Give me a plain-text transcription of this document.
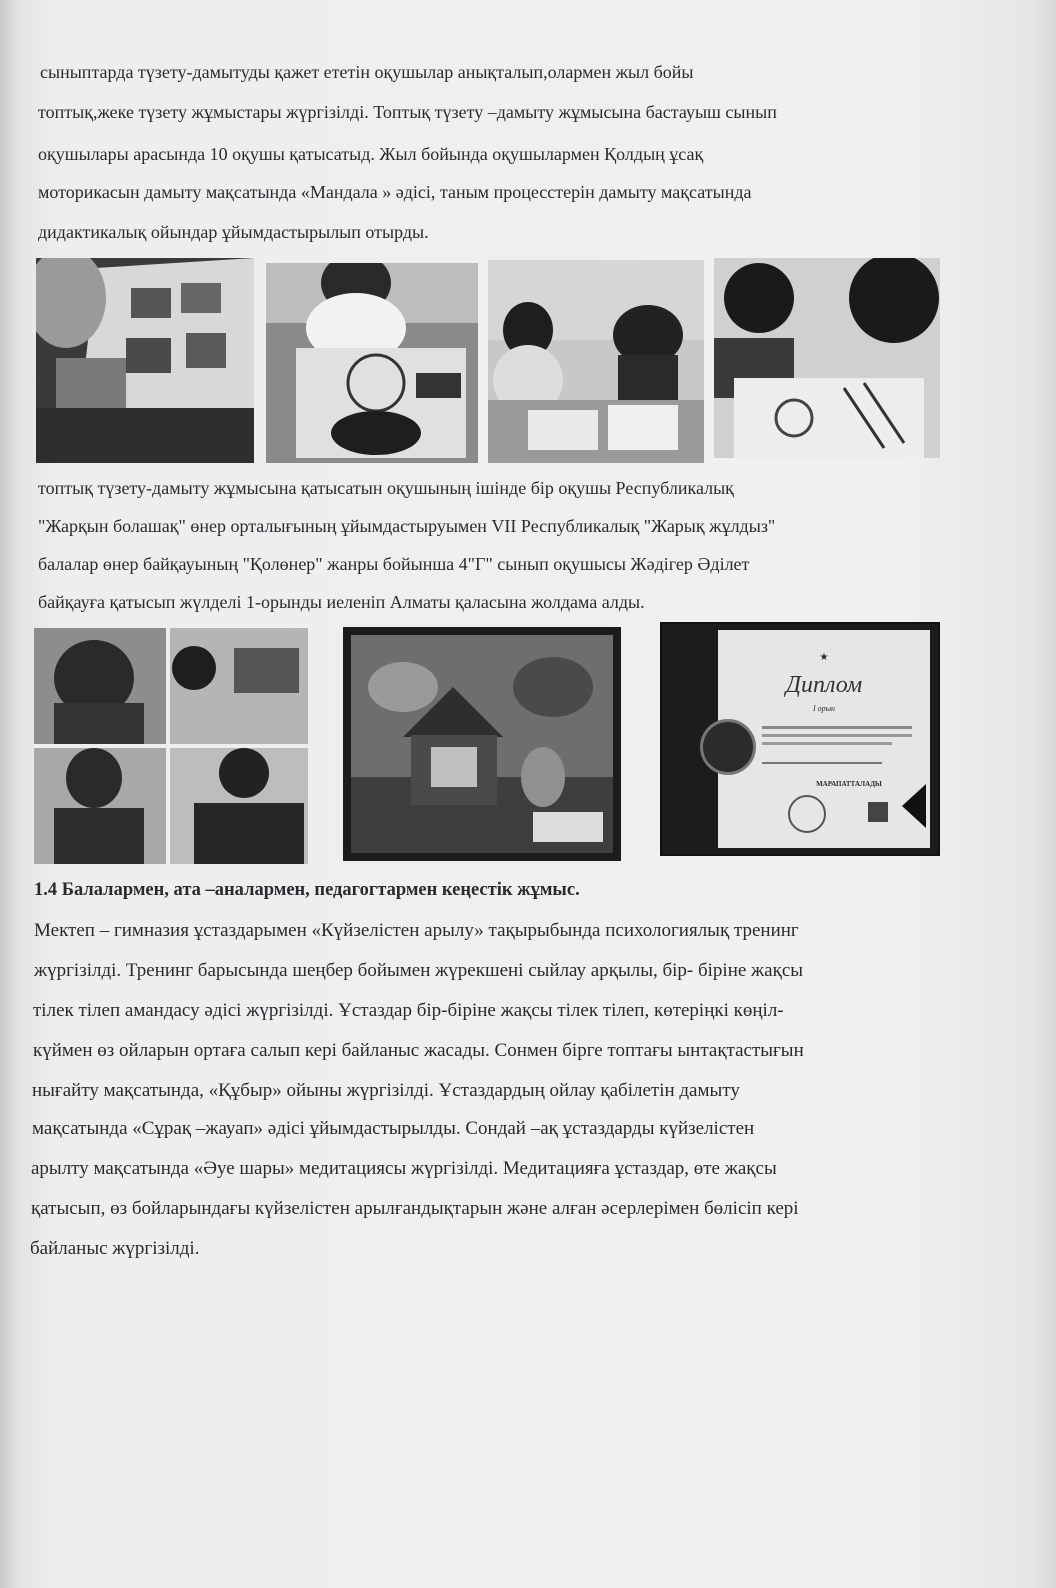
сыныптарда түзету-дамытуды қажет ететін оқушылар анықталып,олармен жыл бойы
топтық,жеке түзету жұмыстары жүргізілді. Топтық түзету –дамыту жұмысына бастауыш сынып
оқушылары арасында 10 оқушы қатысатыд. Жыл бойында оқушылармен Қолдың ұсақ
моторикасын дамыту мақсатында «Мандала » әдісі, таным процесстерін дамыту мақсатында
дидактикалық ойындар ұйымдастырылып отырды.
топтық түзету-дамыту жұмысына қатысатын оқушының ішінде бір оқушы Республикалық
"Жарқын болашақ" өнер орталығының ұйымдастыруымен VII Республикалық "Жарық жұлдыз"
балалар өнер байқауының "Қолөнер" жанры бойынша 4"Г" сынып оқушысы Жәдігер Әділет
байқауға қатысып жүлделі 1-орынды иеленіп Алматы қаласына жолдама алды.
★
Диплом
I орын
МАРАПАТТАЛАДЫ
1.4 Балалармен, ата –аналармен, педагогтармен кеңестік жұмыс.
Мектеп – гимназия ұстаздарымен «Күйзелістен арылу» тақырыбында психологиялық тренинг
жүргізілді. Тренинг барысында шеңбер бойымен жүрекшені сыйлау арқылы, бір- біріне жақсы
тілек тілеп амандасу әдісі жүргізілді. Ұстаздар бір-біріне жақсы тілек тілеп, көтеріңкі көңіл-
күймен өз ойларын ортаға салып кері байланыс жасады. Сонмен бірге топтағы ынтақтастығын
нығайту мақсатында, «Құбыр» ойыны жүргізілді. Ұстаздардың ойлау қабілетін дамыту
мақсатында «Сұрақ –жауап» әдісі ұйымдастырылды. Сондай –ақ ұстаздарды күйзелістен
арылту мақсатында «Әуе шары» медитациясы жүргізілді. Медитацияға ұстаздар, өте жақсы
қатысып, өз бойларындағы күйзелістен арылғандықтарын және алған әсерлерімен бөлісіп кері
байланыс жүргізілді.
